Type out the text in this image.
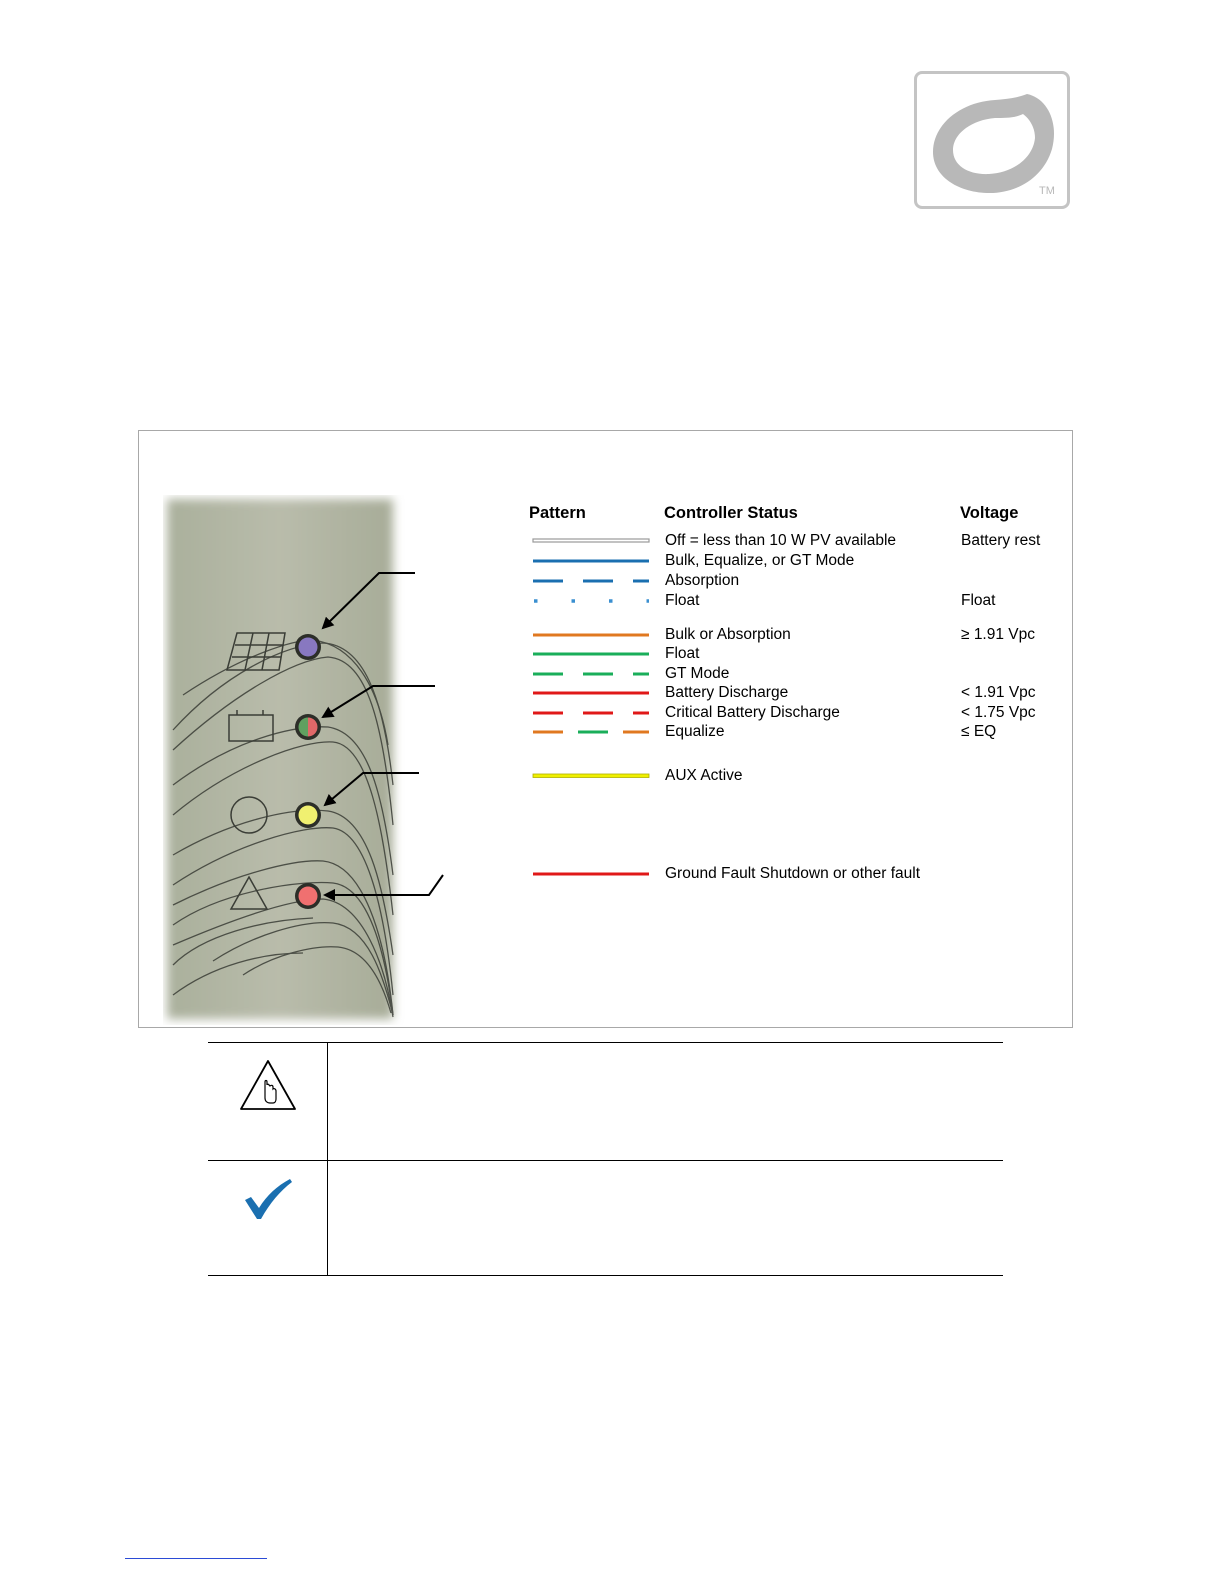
TM
Pattern	Controller Status	Voltage
Off = less than 10 W PV available	Battery rest
Bulk, Equalize, or GT Mode
Absorption
Float	Float
Bulk or Absorption	≥ 1.91 Vpc
Float
GT Mode
Battery Discharge	< 1.91 Vpc
Critical Battery Discharge	< 1.75 Vpc
Equalize	≤ EQ
AUX Active
Ground Fault Shutdown or other fault
